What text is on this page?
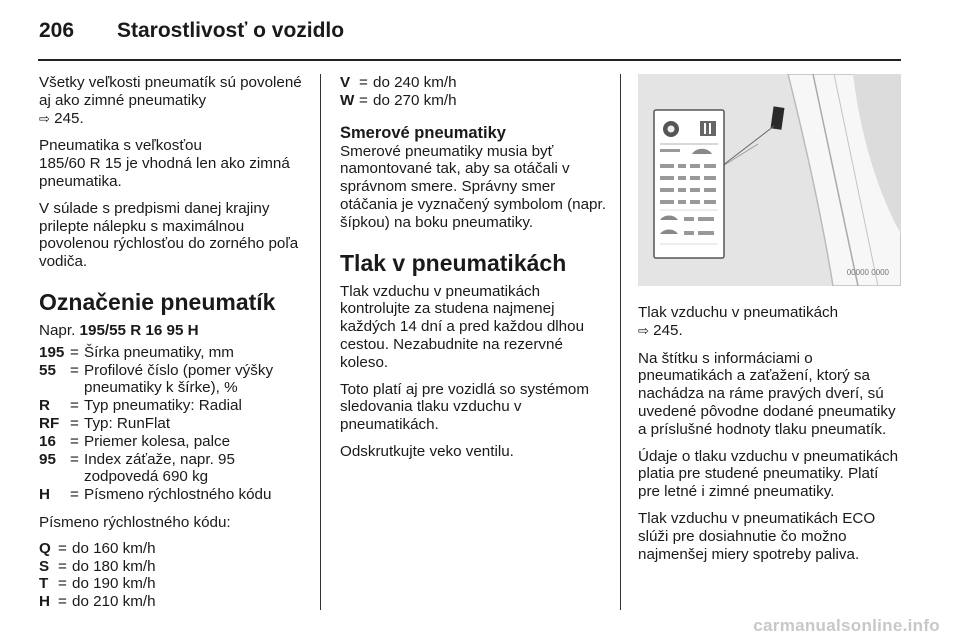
206 Starostlivosť o vozidlo

Všetky veľkosti pneumatík sú povolené aj ako zimné pneumatiky
⇨ 245.

Pneumatika s veľkosťou
185/60 R 15 je vhodná len ako zimná pneumatika.

V súlade s predpismi danej krajiny prilepte nálepku s maximálnou povolenou rýchlosťou do zorného poľa vodiča.

Označenie pneumatík

Napr. 195/55 R 16 95 H

195 = Šírka pneumatiky, mm
55 = Profilové číslo (pomer výšky pneumatiky k šírke), %
R	= Typ pneumatiky: Radial
RF = Typ: RunFlat
16 = Priemer kolesa, palce
95 = Index záťaže, napr. 95 zodpovedá 690 kg
H	= Písmeno rýchlostného kódu

Písmeno rýchlostného kódu:

Q = do 160 km/h
S = do 180 km/h
T = do 190 km/h
H = do 210 km/h
V = do 240 km/h
W = do 270 km/h
Smerové pneumatiky

Smerové pneumatiky musia byť namontované tak, aby sa otáčali v správnom smere. Správny smer otáčania je vyznačený symbolom (napr. šípkou) na boku pneumatiky.

Tlak v pneumatikách

Tlak vzduchu v pneumatikách kontrolujte za studena najmenej každých 14 dní a pred každou dlhou cestou. Nezabudnite na rezervné koleso.

Toto platí aj pre vozidlá so systémom sledovania tlaku vzduchu v pneumatikách.

Odskrutkujte veko ventilu.

00000 0000

Tlak vzduchu v pneumatikách
⇨ 245.

Na štítku s informáciami o pneumatikách a zaťažení, ktorý sa nachádza na ráme pravých dverí, sú uvedené pôvodne dodané pneumatiky a príslušné hodnoty tlaku pneumatík.

Údaje o tlaku vzduchu v pneumatikách platia pre studené pneumatiky. Platí pre letné i zimné pneumatiky.

Tlak vzduchu v pneumatikách ECO slúži pre dosiahnutie čo možno najmenšej miery spotreby paliva.

carmanualsonline.info
